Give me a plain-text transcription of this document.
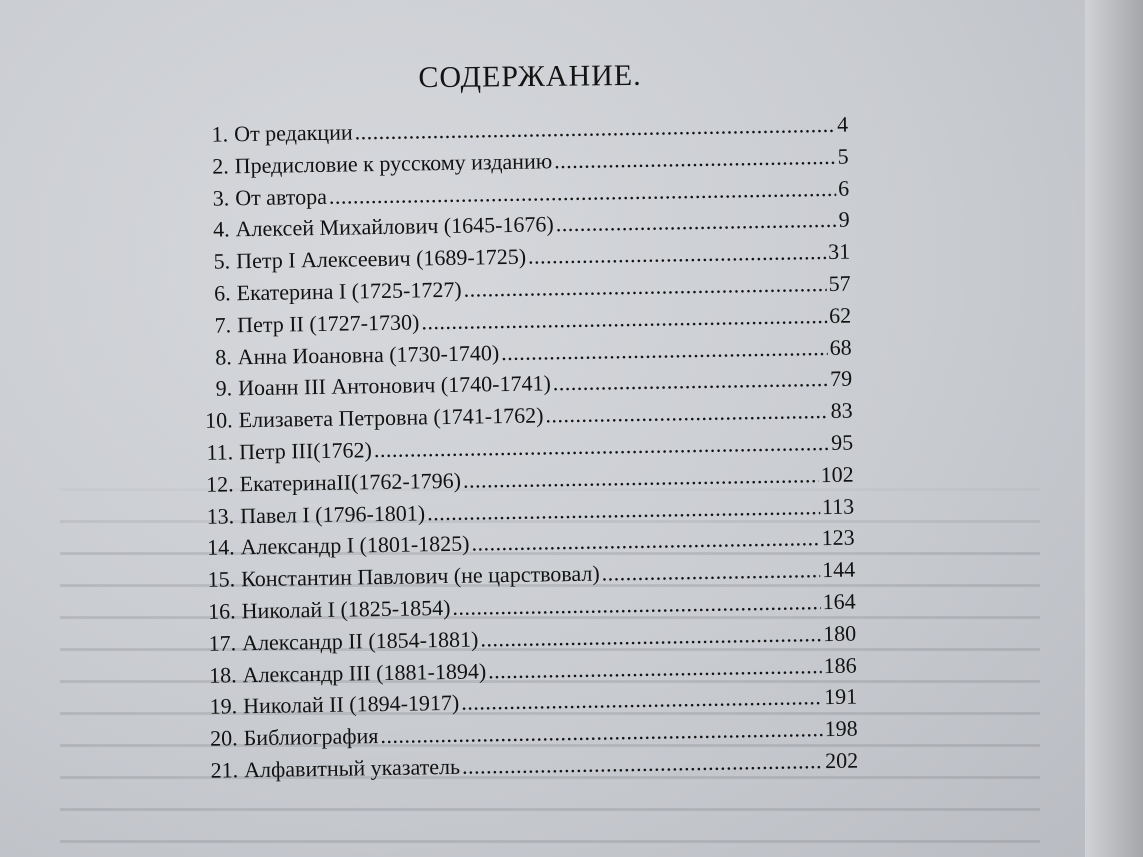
СОДЕРЖАНИЕ.
1. От редакции .....	4
2. Предисловие к русскому изданию .....	5
3. От автора .....	6
4. Алексей Михайлович (1645-1676) .....	9
5. Петр I Алексеевич (1689-1725) .....	31
6. Екатерина I (1725-1727) .....	57
7. Петр II (1727-1730) .....	62
8. Анна Иоановна (1730-1740) .....	68
9. Иоанн III Антонович (1740-1741) .....	79
10. Елизавета Петровна (1741-1762) .....	83
11. Петр III(1762) .....	95
12. ЕкатеринаII(1762-1796) .....	102
13. Павел I (1796-1801) .....	113
14. Александр I (1801-1825) .....	123
15. Константин Павлович (не царствовал) .....	144
16. Николай I (1825-1854) .....	164
17. Александр II (1854-1881) .....	180
18. Александр III (1881-1894) .....	186
19. Николай II (1894-1917) .....	191
20. Библиография .....	198
21. Алфавитный указатель .....	202
